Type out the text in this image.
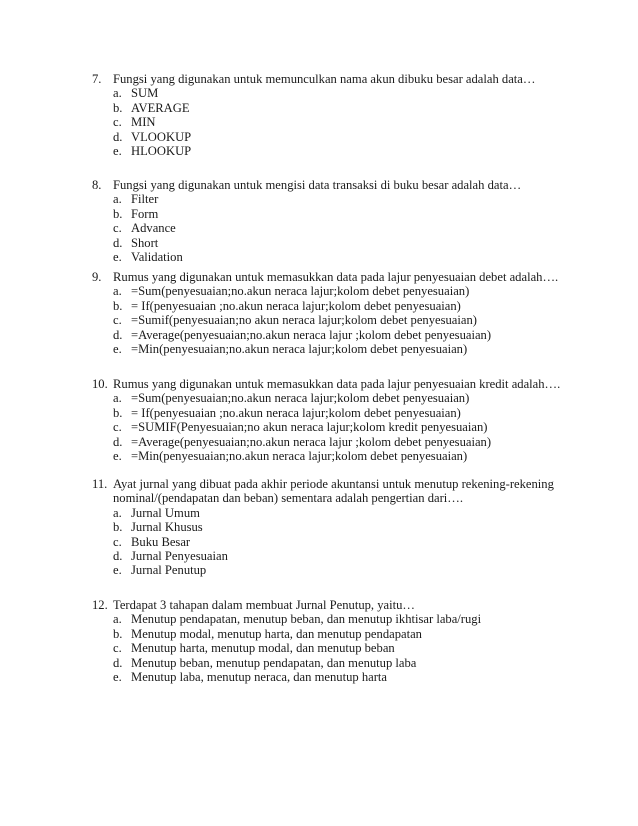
7. Fungsi yang digunakan untuk memunculkan nama akun dibuku besar adalah data…
a. SUM
b. AVERAGE
c. MIN
d. VLOOKUP
e. HLOOKUP
8. Fungsi yang digunakan untuk mengisi data transaksi di buku besar adalah data…
a. Filter
b. Form
c. Advance
d. Short
e. Validation
9. Rumus yang digunakan untuk memasukkan data pada lajur penyesuaian debet adalah….
a. =Sum(penyesuaian;no.akun neraca lajur;kolom debet penyesuaian)
b. = If(penyesuaian ;no.akun neraca lajur;kolom debet penyesuaian)
c. =Sumif(penyesuaian;no akun neraca lajur;kolom debet penyesuaian)
d. =Average(penyesuaian;no.akun neraca lajur ;kolom debet penyesuaian)
e. =Min(penyesuaian;no.akun neraca lajur;kolom debet penyesuaian)
10. Rumus yang digunakan untuk memasukkan data pada lajur penyesuaian kredit adalah….
a. =Sum(penyesuaian;no.akun neraca lajur;kolom debet penyesuaian)
b. = If(penyesuaian ;no.akun neraca lajur;kolom debet penyesuaian)
c. =SUMIF(Penyesuaian;no akun neraca lajur;kolom kredit penyesuaian)
d. =Average(penyesuaian;no.akun neraca lajur ;kolom debet penyesuaian)
e. =Min(penyesuaian;no.akun neraca lajur;kolom debet penyesuaian)
11. Ayat jurnal yang dibuat pada akhir periode akuntansi untuk menutup rekening-rekening
nominal/(pendapatan dan beban) sementara adalah pengertian dari….
a. Jurnal Umum
b. Jurnal Khusus
c. Buku Besar
d. Jurnal Penyesuaian
e. Jurnal Penutup
12. Terdapat 3 tahapan dalam membuat Jurnal Penutup, yaitu…
a. Menutup pendapatan, menutup beban, dan menutup ikhtisar laba/rugi
b. Menutup modal, menutup harta, dan menutup pendapatan
c. Menutup harta, menutup modal, dan menutup beban
d. Menutup beban, menutup pendapatan, dan menutup laba
e. Menutup laba, menutup neraca, dan menutup harta
